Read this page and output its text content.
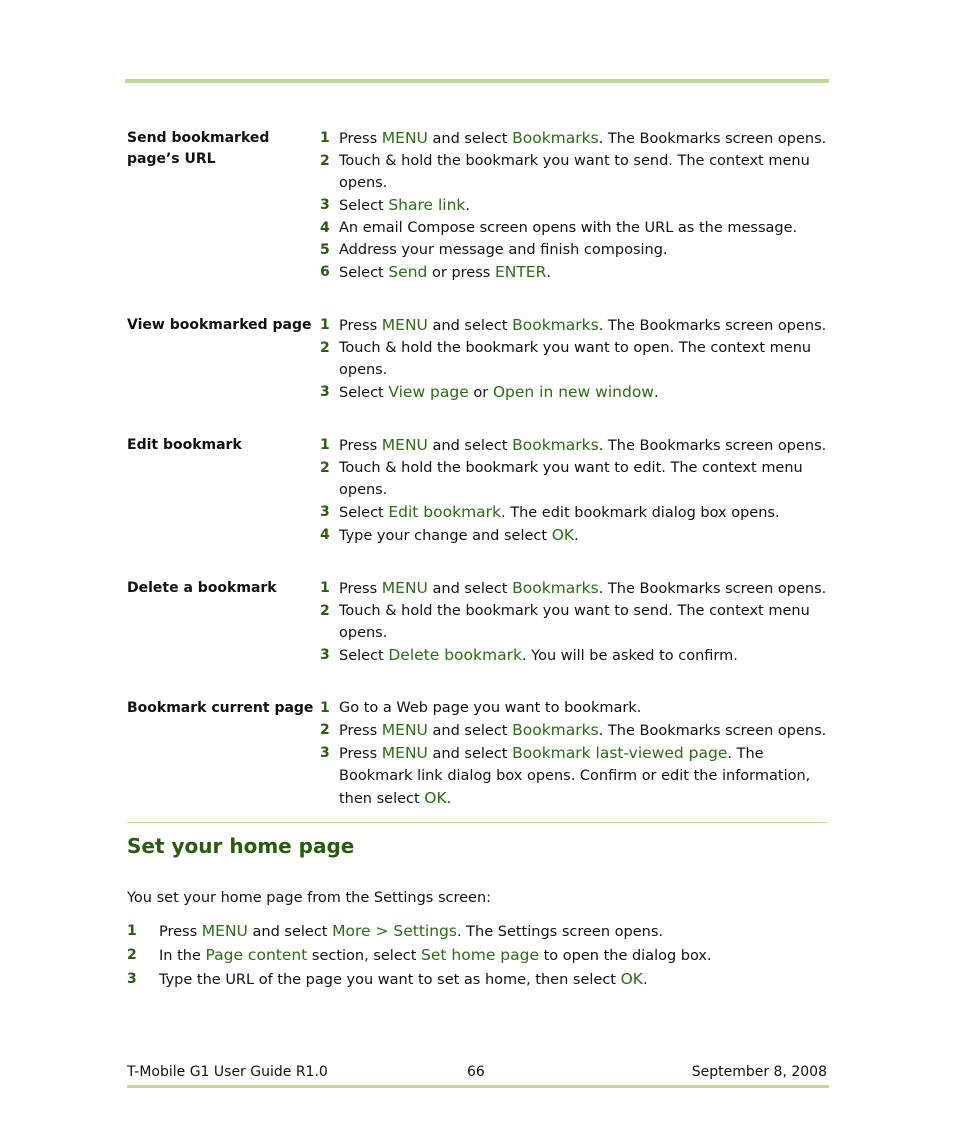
Send bookmarked page’s URL
1 Press MENU and select Bookmarks. The Bookmarks screen opens.
2 Touch & hold the bookmark you want to send. The context menu opens.
3 Select Share link.
4 An email Compose screen opens with the URL as the message.
5 Address your message and finish composing.
6 Select Send or press ENTER.
View bookmarked page 1 Press MENU and select Bookmarks. The Bookmarks screen opens.
2 Touch & hold the bookmark you want to open. The context menu opens.
3 Select View page or Open in new window.
Edit bookmark	1 Press MENU and select Bookmarks. The Bookmarks screen opens.
2 Touch & hold the bookmark you want to edit. The context menu opens.
3 Select Edit bookmark. The edit bookmark dialog box opens.
4 Type your change and select OK.
Delete a bookmark	1 Press MENU and select Bookmarks. The Bookmarks screen opens.
2 Touch & hold the bookmark you want to send. The context menu opens.
3 Select Delete bookmark. You will be asked to confirm.
Bookmark current page 1 Go to a Web page you want to bookmark.
2 Press MENU and select Bookmarks. The Bookmarks screen opens.
3 Press MENU and select Bookmark last-viewed page. The Bookmark link dialog box opens. Confirm or edit the information, then select OK.
Set your home page
You set your home page from the Settings screen:
1	Press MENU and select More > Settings. The Settings screen opens.
2	In the Page content section, select Set home page to open the dialog box.
3	Type the URL of the page you want to set as home, then select OK.
T-Mobile G1 User Guide R1.0	66	September 8, 2008
